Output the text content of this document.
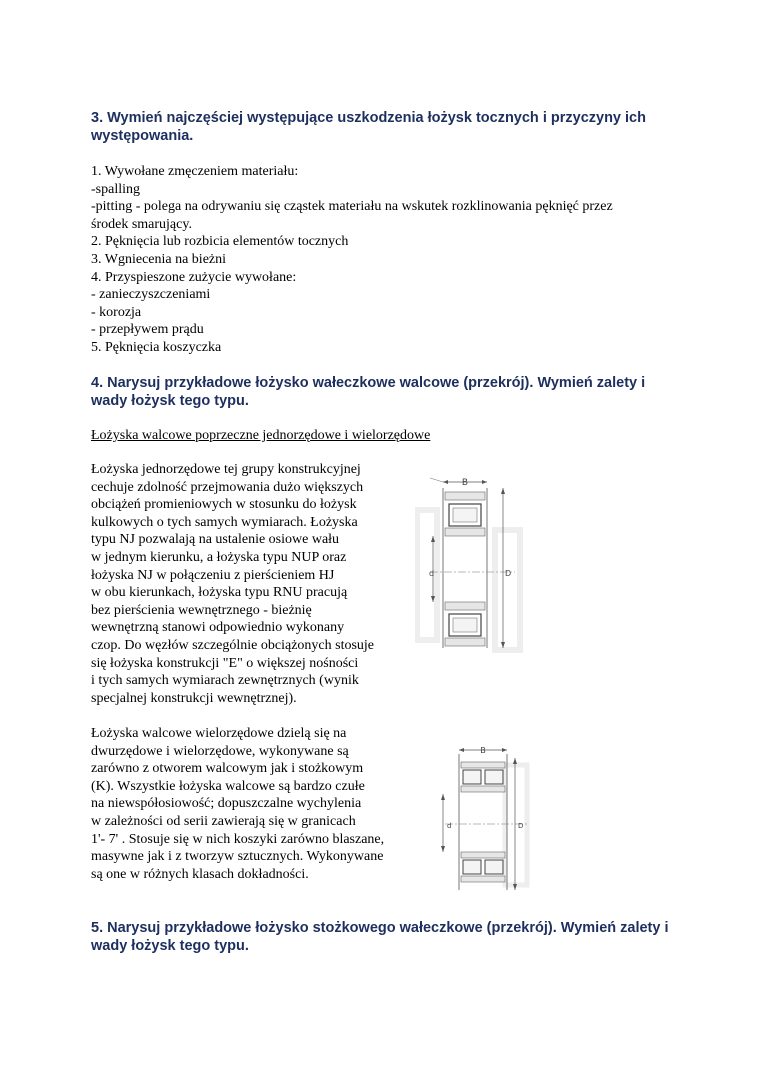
3. Wymień najczęściej występujące uszkodzenia łożysk tocznych i przyczyny ich występowania.
1. Wywołane zmęczeniem materiału:
-spalling
-pitting - polega na odrywaniu się cząstek materiału na wskutek rozklinowania pęknięć przez
środek smarujący.
2. Pęknięcia lub rozbicia elementów tocznych
3. Wgniecenia na bieżni
4. Przyspieszone zużycie wywołane:
- zanieczyszczeniami
- korozja
- przepływem prądu
5. Pęknięcia koszyczka
4. Narysuj przykładowe łożysko wałeczkowe walcowe (przekrój). Wymień zalety i wady łożysk tego typu.
Łożyska walcowe poprzeczne jednorzędowe i wielorzędowe
Łożyska jednorzędowe tej grupy konstrukcyjnej
cechuje zdolność przejmowania dużo większych
obciążeń promieniowych w stosunku do łożysk
kulkowych o tych samych wymiarach. Łożyska
typu NJ pozwalają na ustalenie osiowe wału
w jednym kierunku, a łożyska typu NUP oraz
łożyska NJ w połączeniu z pierścieniem HJ
w obu kierunkach, łożyska typu RNU pracują
bez pierścienia wewnętrznego - bieżnię
wewnętrzną stanowi odpowiednio wykonany
czop. Do węzłów szczególnie obciążonych stosuje
się łożyska konstrukcji "E" o większej nośności
i tych samych wymiarach zewnętrznych (wynik
specjalnej konstrukcji wewnętrznej).
Łożyska walcowe wielorzędowe dzielą się na
dwurzędowe i wielorzędowe, wykonywane są
zarówno z otworem walcowym jak i stożkowym
(K). Wszystkie łożyska walcowe są bardzo czułe
na niewspółosiowość; dopuszczalne wychylenia
w zależności od serii zawierają się w granicach
1'- 7' . Stosuje się w nich koszyki zarówno blaszane,
masywne jak i z tworzyw sztucznych. Wykonywane
są one w różnych klasach dokładności.
B
d	D
B
d	D
5. Narysuj przykładowe łożysko stożkowego wałeczkowe (przekrój). Wymień zalety i wady łożysk tego typu.
